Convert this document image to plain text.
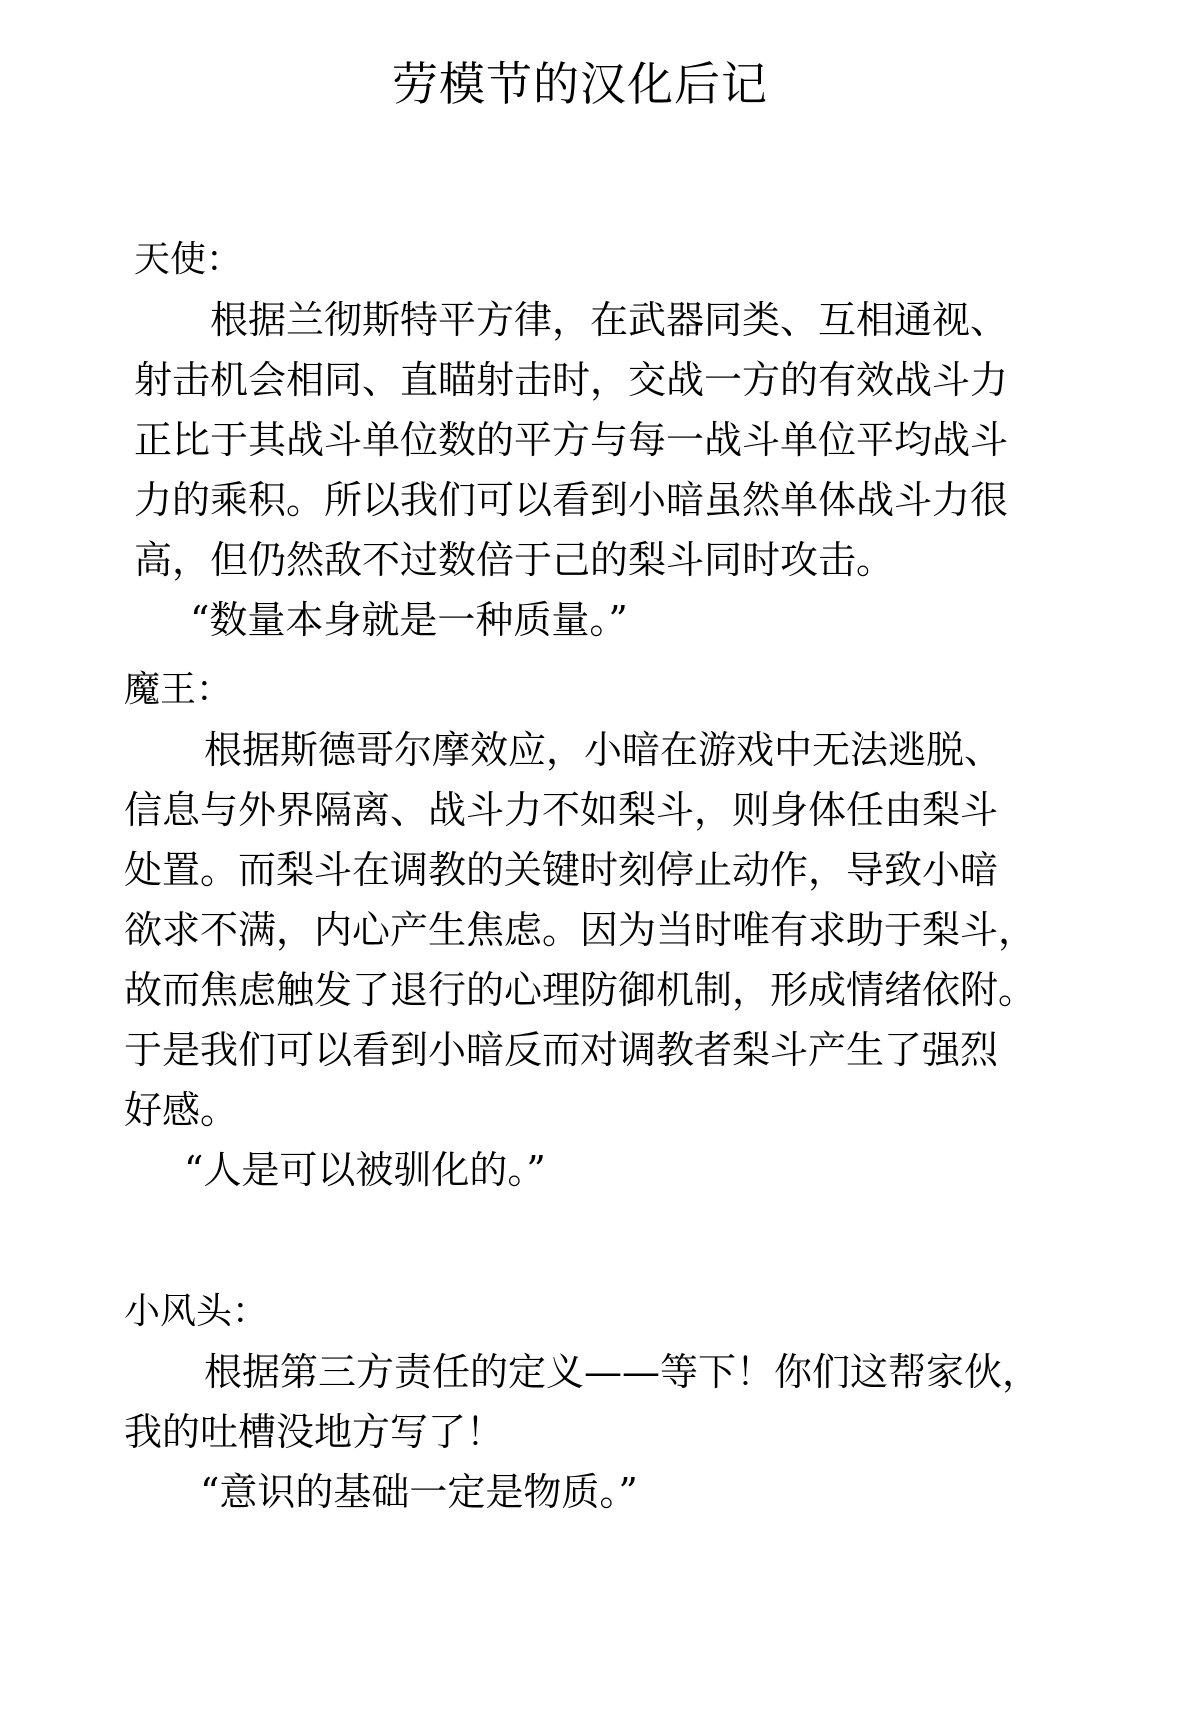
劳模节的汉化后记

天使：

根据兰彻斯特平方律，在武器同类、互相通视、
射击机会相同、直瞄射击时，交战一方的有效战斗力
正比于其战斗单位数的平方与每一战斗单位平均战斗
力的乘积。所以我们可以看到小暗虽然单体战斗力很
高，但仍然敌不过数倍于己的梨斗同时攻击。

“数量本身就是一种质量。”

魔王：

根据斯德哥尔摩效应，小暗在游戏中无法逃脱、
信息与外界隔离、战斗力不如梨斗，则身体任由梨斗
处置。而梨斗在调教的关键时刻停止动作，导致小暗
欲求不满，内心产生焦虑。因为当时唯有求助于梨斗，
故而焦虑触发了退行的心理防御机制，形成情绪依附。
于是我们可以看到小暗反而对调教者梨斗产生了强烈
好感。

“人是可以被驯化的。”

小风头：

根据第三方责任的定义——等下！你们这帮家伙，
我的吐槽没地方写了！

“意识的基础一定是物质。”
